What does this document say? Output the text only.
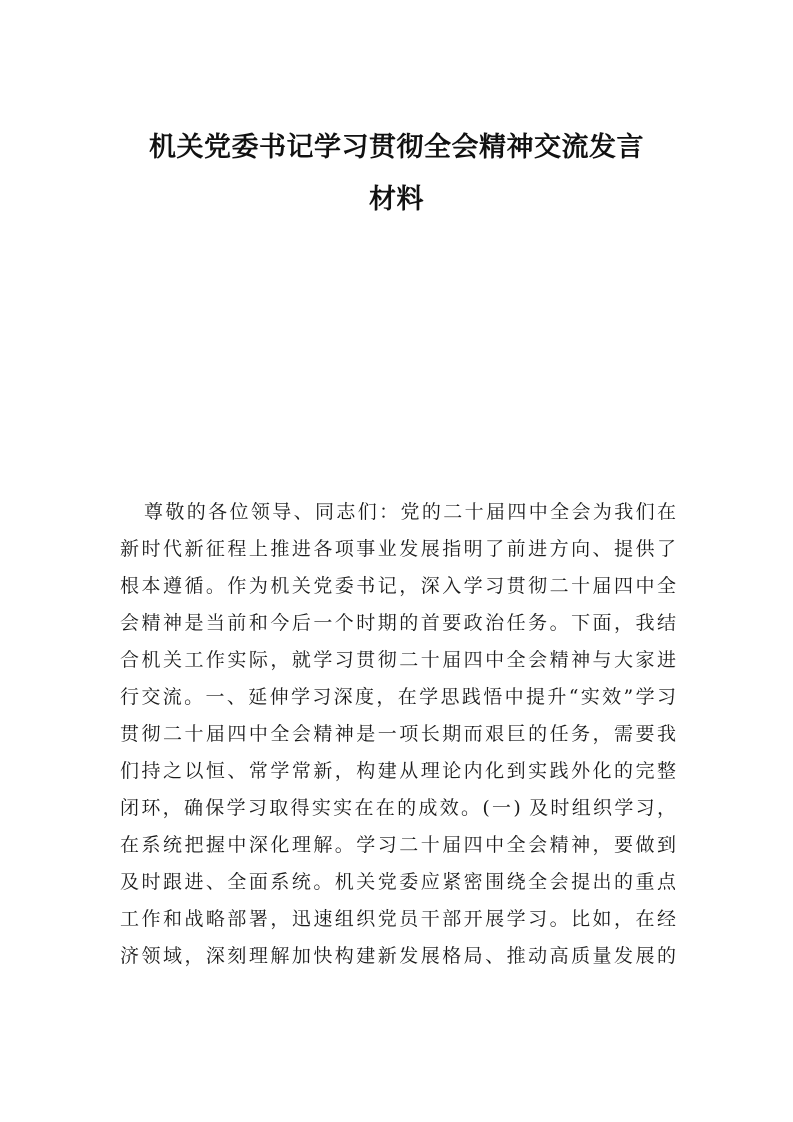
机关党委书记学习贯彻全会精神交流发言
材料
尊敬的各位领导、同志们：党的二十届四中全会为我们在
新时代新征程上推进各项事业发展指明了前进方向、提供了
根本遵循。作为机关党委书记，深入学习贯彻二十届四中全
会精神是当前和今后一个时期的首要政治任务。下面，我结
合机关工作实际，就学习贯彻二十届四中全会精神与大家进
行交流。一、延伸学习深度，在学思践悟中提升“实效”学习
贯彻二十届四中全会精神是一项长期而艰巨的任务，需要我
们持之以恒、常学常新，构建从理论内化到实践外化的完整
闭环，确保学习取得实实在在的成效。(一) 及时组织学习，
在系统把握中深化理解。学习二十届四中全会精神，要做到
及时跟进、全面系统。机关党委应紧密围绕全会提出的重点
工作和战略部署，迅速组织党员干部开展学习。比如，在经
济领域，深刻理解加快构建新发展格局、推动高质量发展的
